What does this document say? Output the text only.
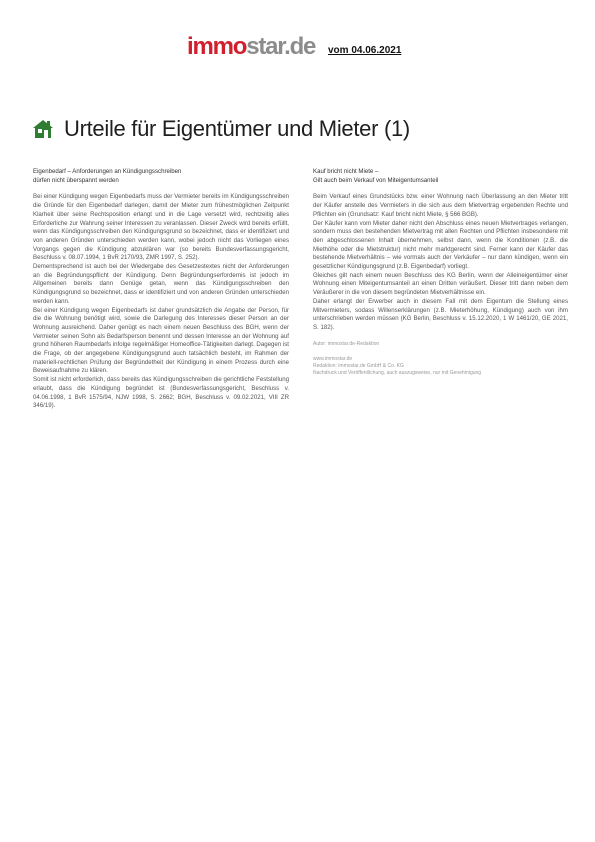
immostar.de vom 04.06.2021
Urteile für Eigentümer und Mieter (1)

Eigenbedarf – Anforderungen an Kündigungsschreiben

dürfen nicht überspannt werden

Bei einer Kündigung wegen Eigenbedarfs muss der Vermieter bereits im Kündigungsschreiben die Gründe für den Eigenbedarf darlegen, damit der Mieter zum frühestmöglichen Zeitpunkt Klarheit über seine Rechtsposition erlangt und in die Lage versetzt wird, rechtzeitig alles Erforderliche zur Wahrung seiner Interessen zu veranlassen. Dieser Zweck wird bereits erfüllt, wenn das Kündigungsschreiben den Kündigungsgrund so bezeichnet, dass er identifiziert und von anderen Gründen unterschieden werden kann, wobei jedoch nicht das Vorliegen eines Vorgangs gegen die Kündigung abzuklären war (so bereits Bundesverfassungsgericht, Beschluss v. 08.07.1994, 1 BvR 2170/93, ZMR 1997, S. 252).

Dementsprechend ist auch bei der Wiedergabe des Gesetzestextes nicht der Anforderungen an die Begründungspflicht der Kündigung. Denn Begründungserfordernis ist jedoch im Allgemeinen bereits dann Genüge getan, wenn das Kündigungsschreiben den Kündigungsgrund so bezeichnet, dass er identifiziert und von anderen Gründen unterschieden werden kann.

Bei einer Kündigung wegen Eigenbedarfs ist daher grundsätzlich die Angabe der Person, für die die Wohnung benötigt wird, sowie die Darlegung des Interesses dieser Person an der Wohnung ausreichend. Daher genügt es nach einem neuen Beschluss des BGH, wenn der Vermieter seinen Sohn als Bedarfsperson benennt und dessen Interesse an der Wohnung auf grund höheren Raumbedarfs infolge regelmäßiger Homeoffice-Tätigkeiten darlegt. Dagegen ist die Frage, ob der angegebene Kündigungsgrund auch tatsächlich besteht, im Rahmen der materiell-rechtlichen Prüfung der Begründetheit der Kündigung in einem Prozess durch eine Beweisaufnahme zu klären.

Somit ist nicht erforderlich, dass bereits das Kündigungsschreiben die gerichtliche Feststellung erlaubt, dass die Kündigung begründet ist (Bundesverfassungsgericht, Beschluss v. 04.06.1998, 1 BvR 1575/94, NJW 1998, S. 2662; BGH, Beschluss v. 09.02.2021, VIII ZR 346/19).

Kauf bricht nicht Miete –

Gilt auch beim Verkauf von Miteigentumsanteil

Beim Verkauf eines Grundstücks bzw. einer Wohnung nach Überlassung an den Mieter tritt der Käufer anstelle des Vermieters in die sich aus dem Mietvertrag ergebenden Rechte und Pflichten ein (Grundsatz: Kauf bricht nicht Miete, § 566 BGB).

Der Käufer kann vom Mieter daher nicht den Abschluss eines neuen Mietvertrages verlangen, sondern muss den bestehenden Mietvertrag mit allen Rechten und Pflichten insbesondere mit den abgeschlossenen Inhalt übernehmen, selbst dann, wenn die Konditionen (z.B. die Miethöhe oder die Mietstruktur) nicht mehr marktgerecht sind. Ferner kann der Käufer das bestehende Mietverhältnis – wie vormals auch der Verkäufer – nur dann kündigen, wenn ein gesetzlicher Kündigungsgrund (z.B. Eigenbedarf) vorliegt.

Gleiches gilt nach einem neuen Beschluss des KG Berlin, wenn der Alleineigentümer einer Wohnung einen Miteigentumsanteil an einen Dritten veräußert. Dieser tritt dann neben dem Veräußerer in die von diesem begründeten Mietverhältnisse ein.

Daher erlangt der Erwerber auch in diesem Fall mit dem Eigentum die Stellung eines Mitvermieters, sodass Willenserklärungen (z.B. Mieterhöhung, Kündigung) auch von ihm unterschrieben werden müssen (KG Berlin, Beschluss v. 15.12.2020, 1 W 1461/20, GE 2021, S. 182).

Autor: immostar.de-Redaktion

www.immostar.de

Redaktion: immostar.de GmbH & Co. KG

Nachdruck und Veröffentlichung, auch auszugsweise, nur mit Genehmigung
